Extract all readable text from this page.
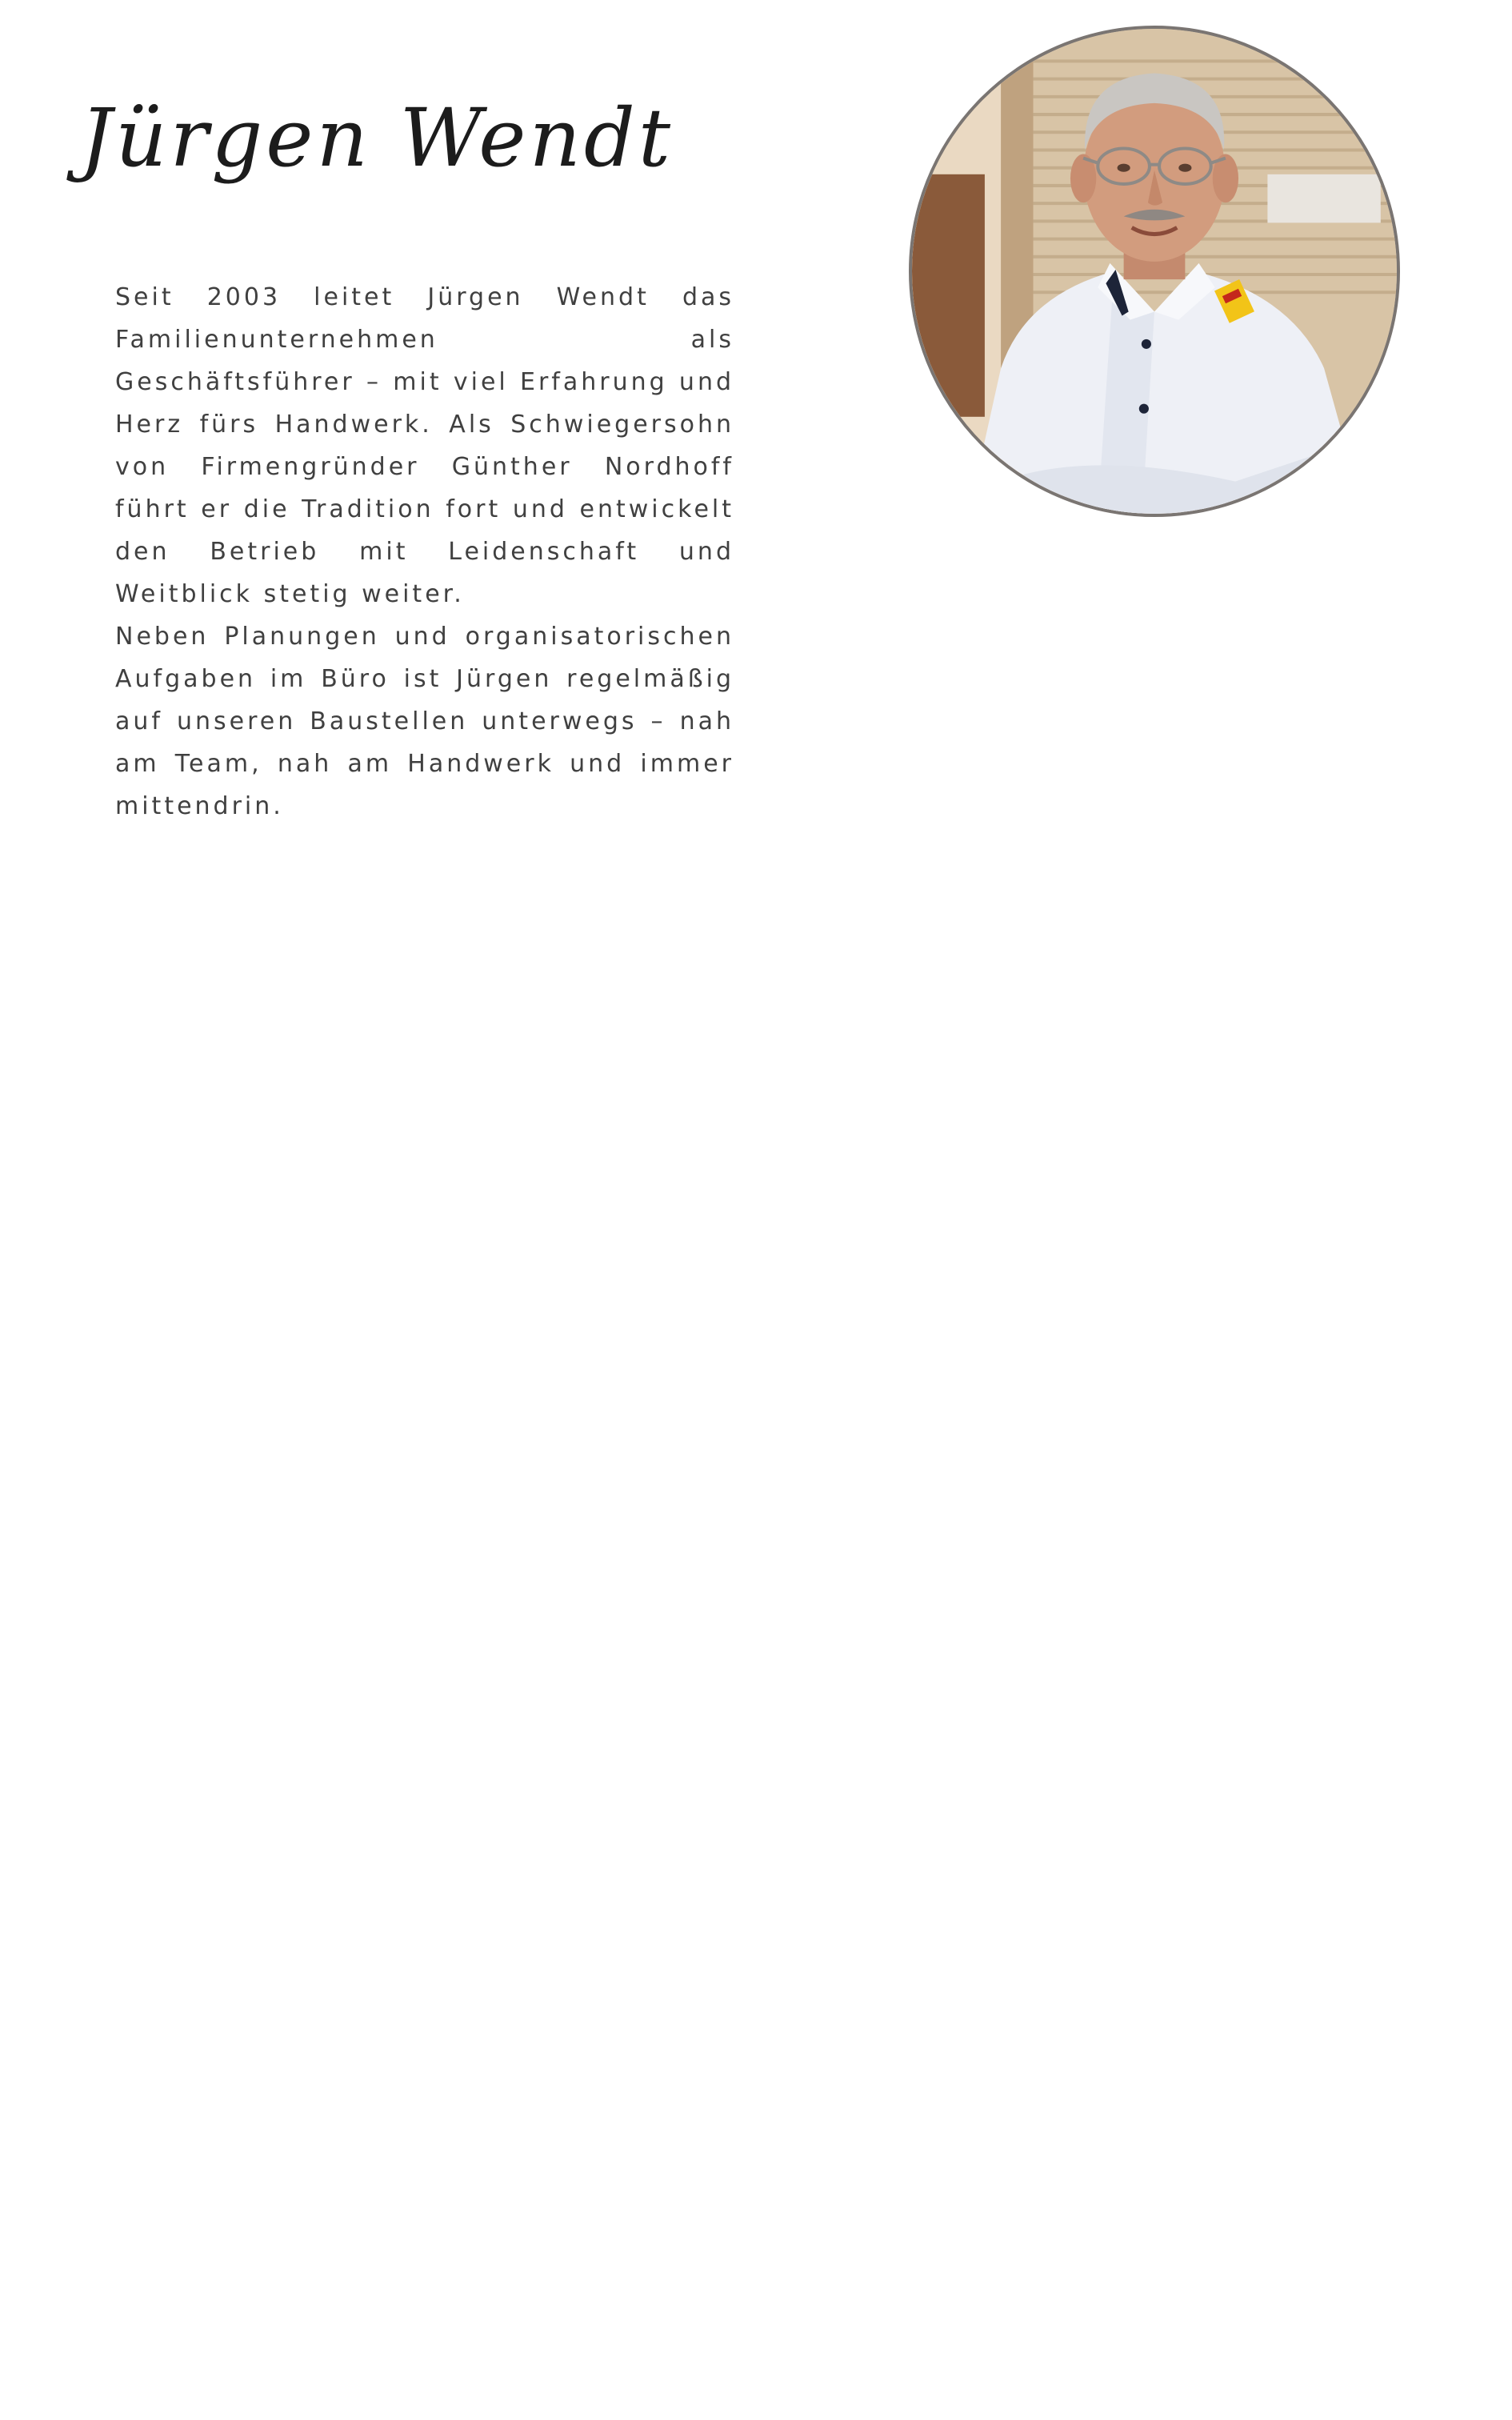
Jürgen Wendt

Seit 2003 leitet Jürgen Wendt das Familienunternehmen als Geschäftsführer – mit viel Erfahrung und Herz fürs Handwerk. Als Schwiegersohn von Firmengründer Günther Nordhoff führt er die Tradition fort und entwickelt den Betrieb mit Leidenschaft und Weitblick stetig weiter.

Neben Planungen und organisatorischen Aufgaben im Büro ist Jürgen regelmäßig auf unseren Baustellen unterwegs – nah am Team, nah am Handwerk und immer mittendrin.
